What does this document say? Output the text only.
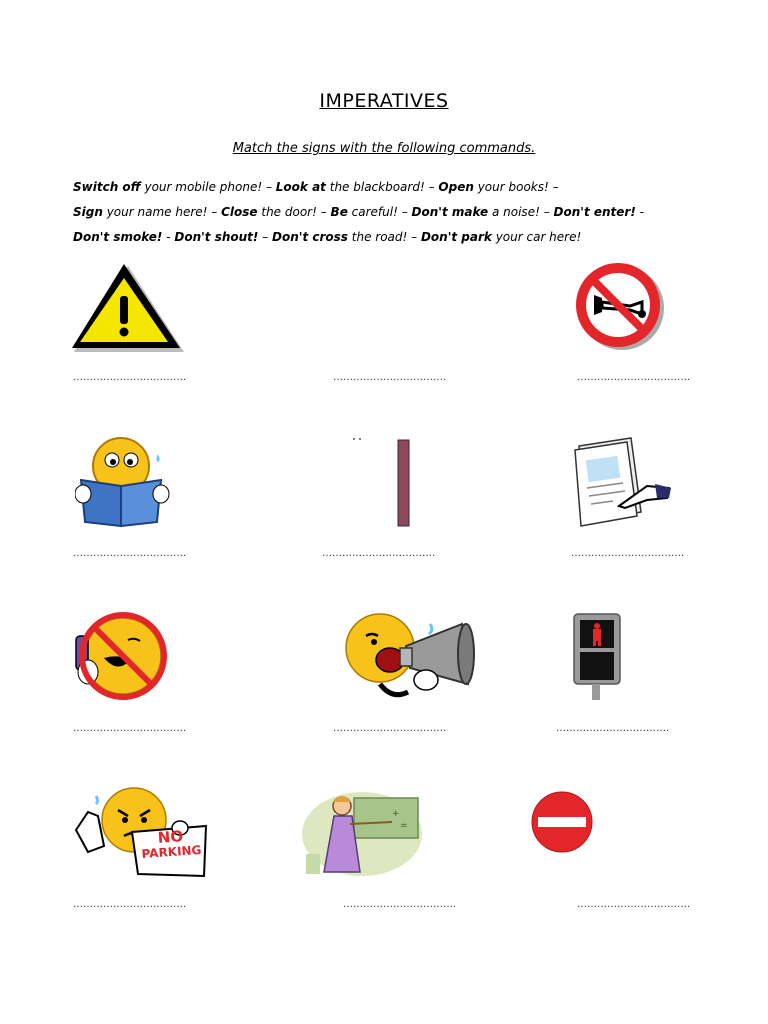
IMPERATIVES
Match the signs with the following commands.
Switch off your mobile phone! – Look at the blackboard! – Open your books! –
Sign your name here! – Close the door! – Be careful! – Don't make a noise! – Don't enter! -
Don't smoke! - Don't shout! – Don't cross the road! – Don't park your car here!
NO
PARKING
+
=
…………………………….	…………………………….	…………………………….
…………………………….	…………………………….	…………………………….
…………………………….	…………………………….	…………………………….
…………………………….	…………………………….	…………………………….
